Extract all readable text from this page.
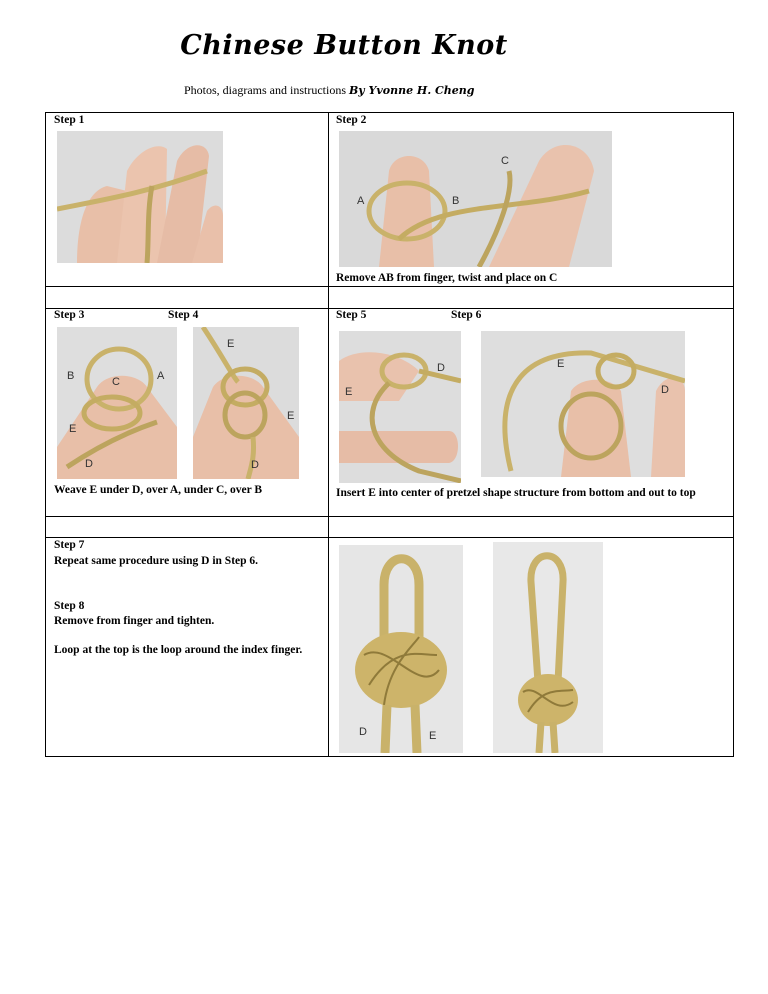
Chinese Button Knot
Photos, diagrams and instructions By Yvonne H. Cheng
Step 1	Step 2
A	B
C
Remove AB from finger, twist and place on C
Step 3	Step 4
B	C	A
E
D
E
E
D
Weave E under D, over A, under C, over B
Step 5	Step 6
D
E
E
D
Insert E into center of pretzel shape structure from bottom and out to top
Step 7
Repeat same procedure using D in Step 6.
Step 8
Remove from finger and tighten.
Loop at the top is the loop around the index finger.
D	E
